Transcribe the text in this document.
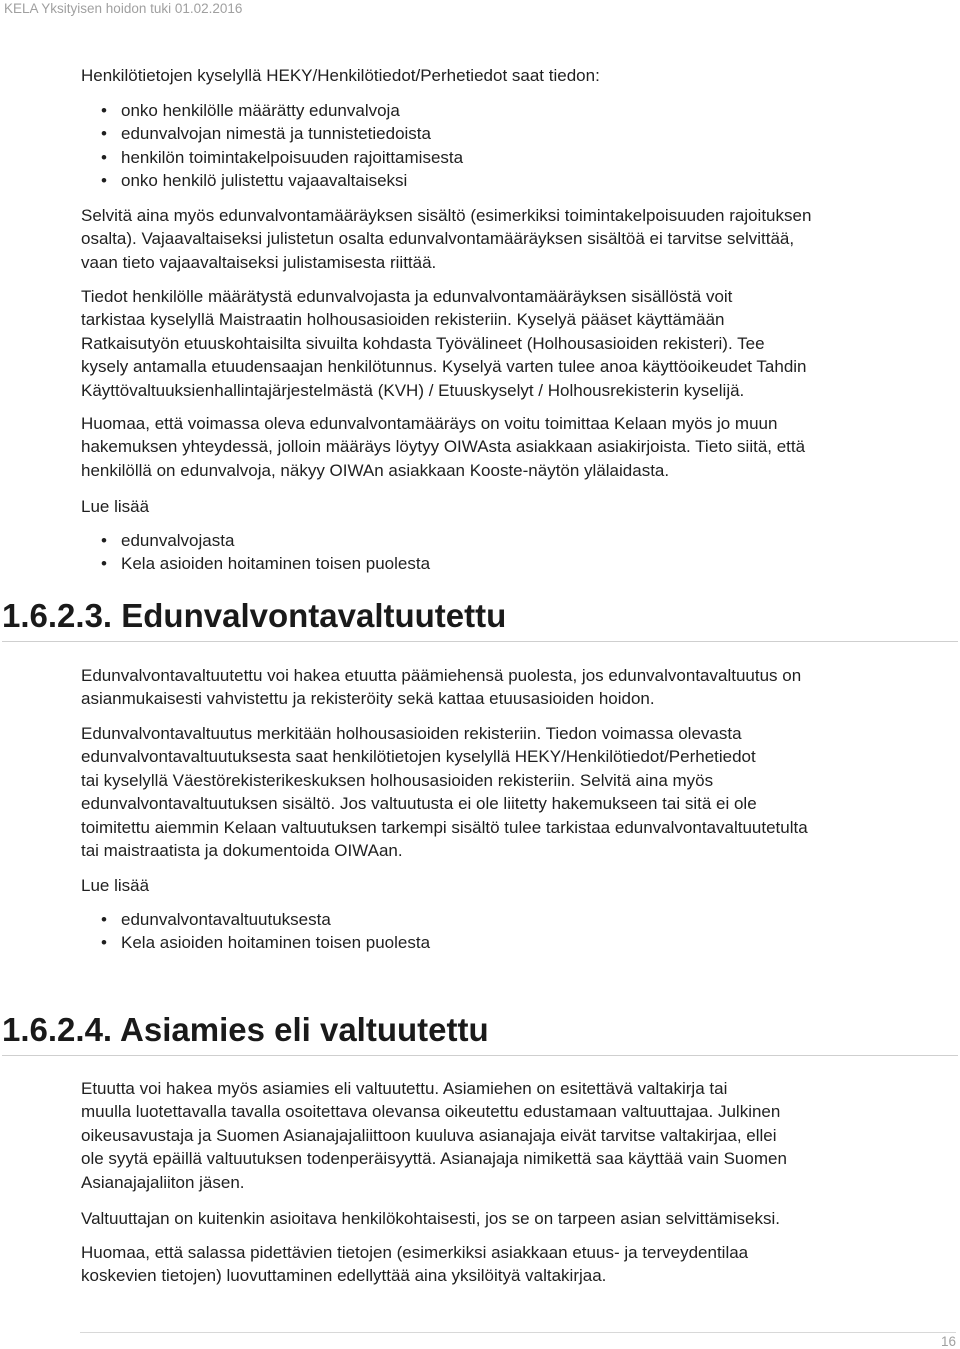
KELA Yksityisen hoidon tuki 01.02.2016

Henkilötietojen kyselyllä HEKY/Henkilötiedot/Perhetiedot saat tiedon:

• onko henkilölle määrätty edunvalvoja
• edunvalvojan nimestä ja tunnistetiedoista
• henkilön toimintakelpoisuuden rajoittamisesta
• onko henkilö julistettu vajaavaltaiseksi

Selvitä aina myös edunvalvontamääräyksen sisältö (esimerkiksi toimintakelpoisuuden rajoituksen

osalta). Vajaavaltaiseksi julistetun osalta edunvalvontamääräyksen sisältöä ei tarvitse selvittää,

vaan tieto vajaavaltaiseksi julistamisesta riittää.

Tiedot henkilölle määrätystä edunvalvojasta ja edunvalvontamääräyksen sisällöstä voit

tarkistaa kyselyllä Maistraatin holhousasioiden rekisteriin. Kyselyä pääset käyttämään

Ratkaisutyön etuuskohtaisilta sivuilta kohdasta Työvälineet (Holhousasioiden rekisteri). Tee

kysely antamalla etuudensaajan henkilötunnus. Kyselyä varten tulee anoa käyttöoikeudet Tahdin

Käyttövaltuuksienhallintajärjestelmästä (KVH) / Etuuskyselyt / Holhousrekisterin kyselijä.

Huomaa, että voimassa oleva edunvalvontamääräys on voitu toimittaa Kelaan myös jo muun

hakemuksen yhteydessä, jolloin määräys löytyy OIWAsta asiakkaan asiakirjoista. Tieto siitä, että

henkilöllä on edunvalvoja, näkyy OIWAn asiakkaan Kooste-näytön ylälaidasta.

Lue lisää

• edunvalvojasta
• Kela asioiden hoitaminen toisen puolesta
1.6.2.3. Edunvalvontavaltuutettu

Edunvalvontavaltuutettu voi hakea etuutta päämiehensä puolesta, jos edunvalvontavaltuutus on

asianmukaisesti vahvistettu ja rekisteröity sekä kattaa etuusasioiden hoidon.

Edunvalvontavaltuutus merkitään holhousasioiden rekisteriin. Tiedon voimassa olevasta

edunvalvontavaltuutuksesta saat henkilötietojen kyselyllä HEKY/Henkilötiedot/Perhetiedot

tai kyselyllä Väestörekisterikeskuksen holhousasioiden rekisteriin. Selvitä aina myös

edunvalvontavaltuutuksen sisältö. Jos valtuutusta ei ole liitetty hakemukseen tai sitä ei ole

toimitettu aiemmin Kelaan valtuutuksen tarkempi sisältö tulee tarkistaa edunvalvontavaltuutetulta

tai maistraatista ja dokumentoida OIWAan.

Lue lisää

• edunvalvontavaltuutuksesta
• Kela asioiden hoitaminen toisen puolesta
1.6.2.4. Asiamies eli valtuutettu

Etuutta voi hakea myös asiamies eli valtuutettu. Asiamiehen on esitettävä valtakirja tai

muulla luotettavalla tavalla osoitettava olevansa oikeutettu edustamaan valtuuttajaa. Julkinen

oikeusavustaja ja Suomen Asianajajaliittoon kuuluva asianajaja eivät tarvitse valtakirjaa, ellei

ole syytä epäillä valtuutuksen todenperäisyyttä. Asianajaja nimikettä saa käyttää vain Suomen

Asianajajaliiton jäsen.

Valtuuttajan on kuitenkin asioitava henkilökohtaisesti, jos se on tarpeen asian selvittämiseksi.

Huomaa, että salassa pidettävien tietojen (esimerkiksi asiakkaan etuus- ja terveydentilaa

koskevien tietojen) luovuttaminen edellyttää aina yksilöityä valtakirjaa.

16
